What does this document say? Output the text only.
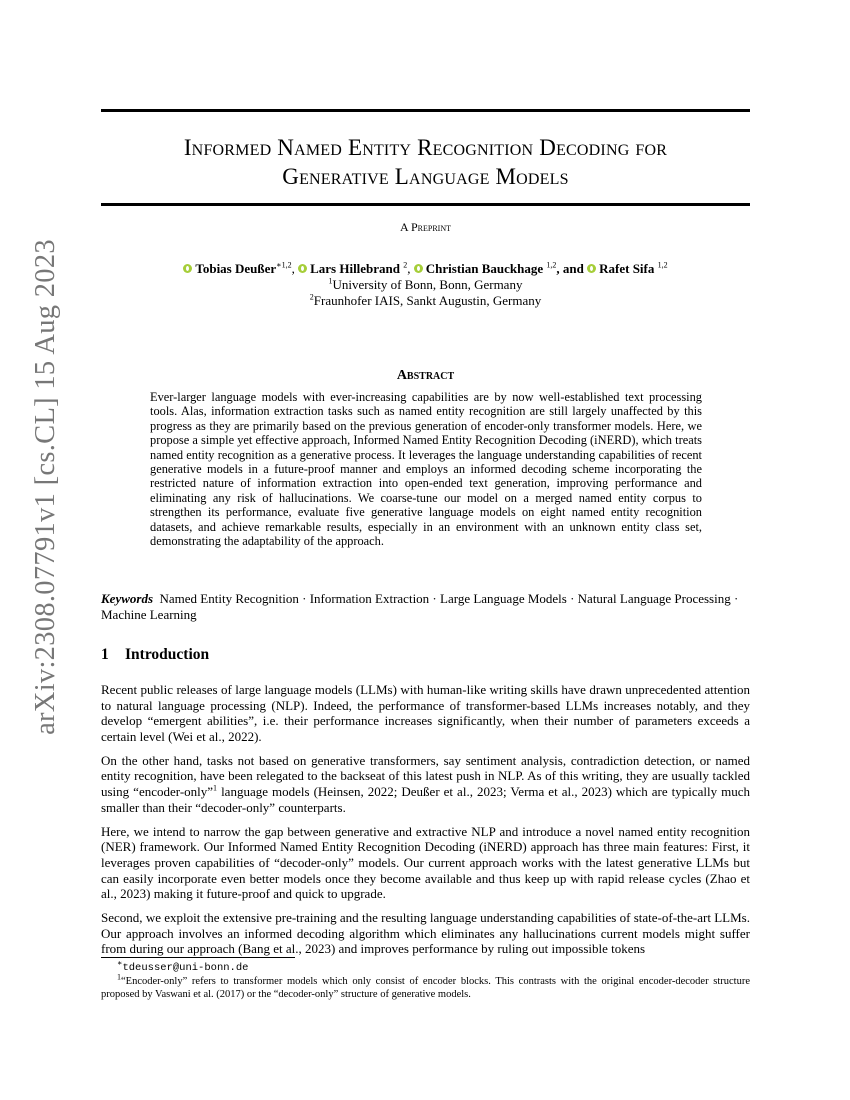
arXiv:2308.07791v1 [cs.CL] 15 Aug 2023
Informed Named Entity Recognition Decoding for
Generative Language Models
A Preprint
Tobias Deußer$^{∗1,2}$, Lars Hillebrand $^2$, Christian Bauckhage $^{1,2}$, and Rafet Sifa $^{1,2}$
$^1$University of Bonn, Bonn, Germany
$^2$Fraunhofer IAIS, Sankt Augustin, Germany
Abstract
Ever-larger language models with ever-increasing capabilities are by now well-established text processing tools. Alas, information extraction tasks such as named entity recognition are still largely unaffected by this progress as they are primarily based on the previous generation of encoder-only transformer models. Here, we propose a simple yet effective approach, Informed Named Entity Recognition Decoding (iNERD), which treats named entity recognition as a generative process. It leverages the language understanding capabilities of recent generative models in a future-proof manner and employs an informed decoding scheme incorporating the restricted nature of information extraction into open-ended text generation, improving performance and eliminating any risk of hallucinations. We coarse-tune our model on a merged named entity corpus to strengthen its performance, evaluate five generative language models on eight named entity recognition datasets, and achieve remarkable results, especially in an environment with an unknown entity class set, demonstrating the adaptability of the approach.
Keywords Named Entity Recognition · Information Extraction · Large Language Models · Natural Language Processing · Machine Learning
1 Introduction

Recent public releases of large language models (LLMs) with human-like writing skills have drawn unprecedented attention to natural language processing (NLP). Indeed, the performance of transformer-based LLMs increases notably, and they develop “emergent abilities”, i.e. their performance increases significantly, when their number of parameters exceeds a certain level (Wei et al., 2022).

On the other hand, tasks not based on generative transformers, say sentiment analysis, contradiction detection, or named entity recognition, have been relegated to the backseat of this latest push in NLP. As of this writing, they are usually tackled using “encoder-only”$^1$ language models (Heinsen, 2022; Deußer et al., 2023; Verma et al., 2023) which are typically much smaller than their “decoder-only” counterparts.

Here, we intend to narrow the gap between generative and extractive NLP and introduce a novel named entity recognition (NER) framework. Our Informed Named Entity Recognition Decoding (iNERD) approach has three main features: First, it leverages proven capabilities of “decoder-only” models. Our current approach works with the latest generative LLMs but can easily incorporate even better models once they become available and thus keep up with rapid release cycles (Zhao et al., 2023) making it future-proof and quick to upgrade.

Second, we exploit the extensive pre-training and the resulting language understanding capabilities of state-of-the-art LLMs. Our approach involves an informed decoding algorithm which eliminates any hallucinations current models might suffer from during our approach (Bang et al., 2023) and improves performance by ruling out impossible tokens

∗tdeusser@uni-bonn.de

$^1$“Encoder-only” refers to transformer models which only consist of encoder blocks. This contrasts with the original encoder-decoder structure proposed by Vaswani et al. (2017) or the “decoder-only” structure of generative models.
